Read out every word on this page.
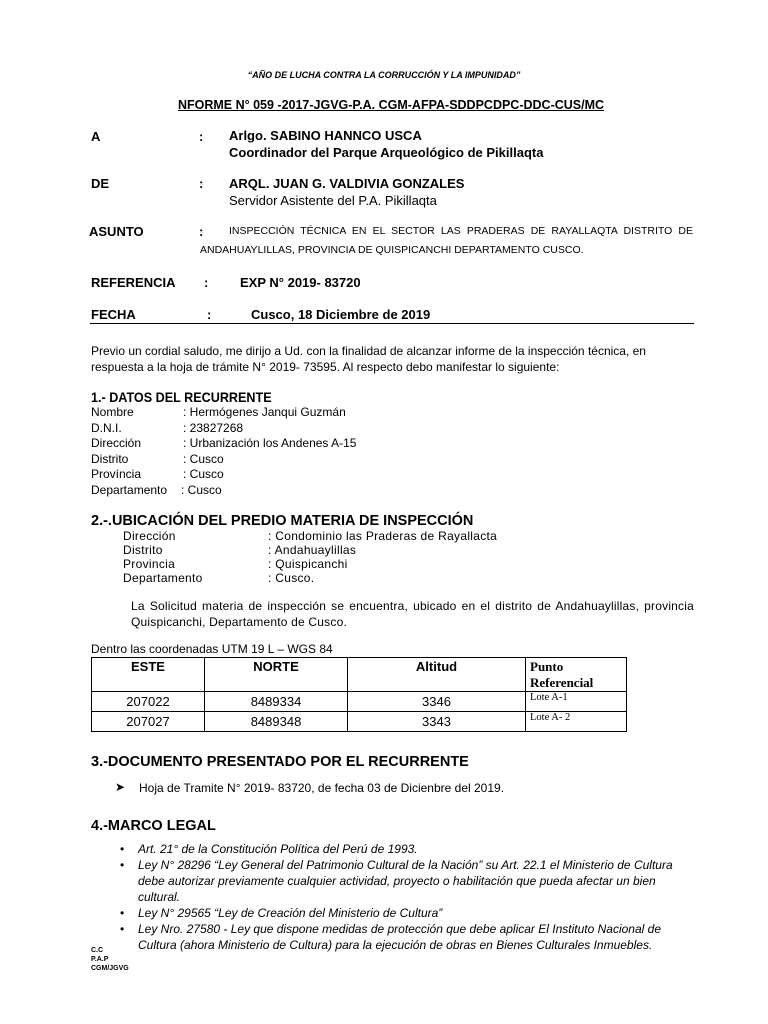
“AÑO DE LUCHA CONTRA LA CORRUCCIÓN Y LA IMPUNIDAD”
NFORME N° 059 -2017-JGVG-P.A. CGM-AFPA-SDDPCDPC-DDC-CUS/MC
A	: Arlgo. SABINO HANNCO USCA
Coordinador del Parque Arqueológico de Pikillaqta
DE	: ARQL. JUAN G. VALDIVIA GONZALES
Servidor Asistente del P.A. Pikillaqta
ASUNTO	:	INSPECCIÓN TÉCNICA EN EL SECTOR LAS PRADERAS DE RAYALLAQTA DISTRITO DE ANDAHUAYLILLAS, PROVINCIA DE QUISPICANCHI DEPARTAMENTO CUSCO.
REFERENCIA : EXP N° 2019- 83720
FECHA	:	Cusco, 18 Diciembre de 2019
Previo un cordial saludo, me dirijo a Ud. con la finalidad de alcanzar informe de la inspección técnica, en respuesta a la hoja de trámite N° 2019- 73595. Al respecto debo manifestar lo siguiente:
1.- DATOS DEL RECURRENTE
Nombre	: Hermógenes Janqui Guzmán
D.N.I.	: 23827268
Dirección	: Urbanización los Andenes A-15
Distrito	: Cusco
Província	: Cusco
Departamento : Cusco
2.-.UBICACIÓN DEL PREDIO MATERIA DE INSPECCIÓN
Dirección	: Condominio las Praderas de Rayallacta
Distrito	: Andahuaylillas
Provincia	: Quispicanchi
Departamento	: Cusco.
La Solicitud materia de inspección se encuentra, ubicado en el distrito de Andahuaylillas, provincia Quispicanchi, Departamento de Cusco.
Dentro las coordenadas UTM 19 L – WGS 84
ESTE	NORTE	Altitud	Punto Referencial
207022	8489334	3346	Lote A-1
207027	8489348	3343	Lote A- 2
3.-DOCUMENTO PRESENTADO POR EL RECURRENTE
➤ Hoja de Tramite N° 2019- 83720, de fecha 03 de Dicienbre del 2019.
4.-MARCO LEGAL
• Art. 21° de la Constitución Política del Perú de 1993.
• Ley N° 28296 “Ley General del Patrimonio Cultural de la Nación” su Art. 22.1 el Ministerio de Cultura debe autorizar previamente cualquier actividad, proyecto o habilitación que pueda afectar un bien cultural.
• Ley N° 29565 “Ley de Creación del Ministerio de Cultura”
• Ley Nro. 27580 - Ley que dispone medidas de protección que debe aplicar El Instituto Nacional de Cultura (ahora Ministerio de Cultura) para la ejecución de obras en Bienes Culturales Inmuebles.
C.C
P.A.P
CGM/JGVG
